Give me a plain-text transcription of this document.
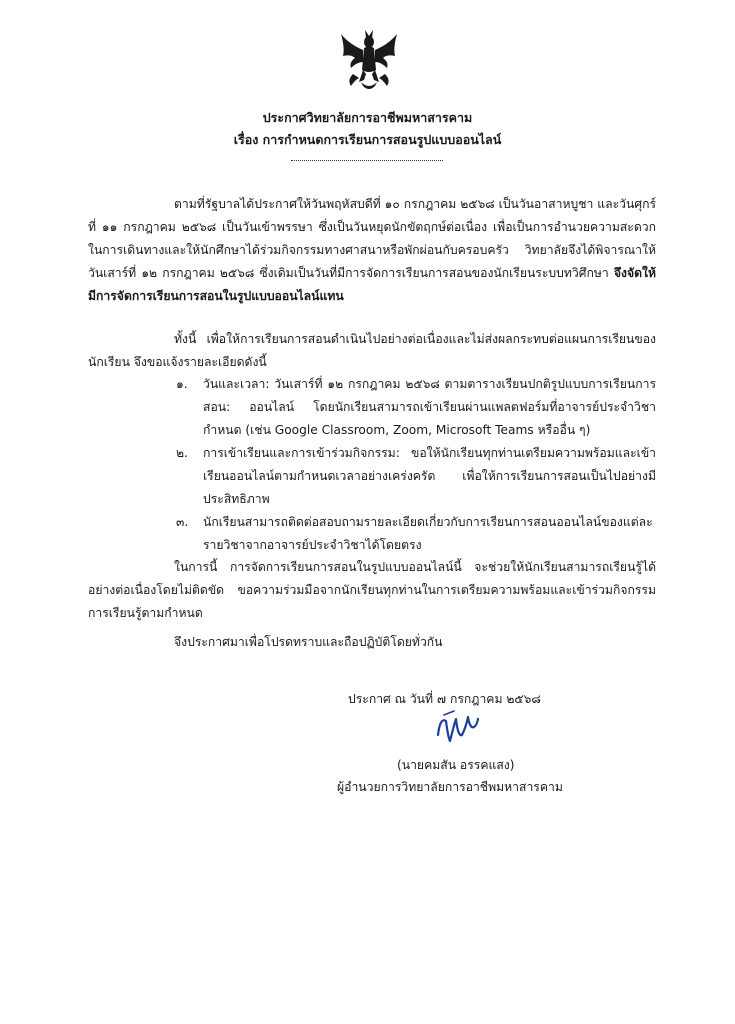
ประกาศวิทยาลัยการอาชีพมหาสารคาม
เรื่อง การกำหนดการเรียนการสอนรูปแบบออนไลน์

ตามที่รัฐบาลได้ประกาศให้วันพฤหัสบดีที่ ๑๐ กรกฎาคม ๒๕๖๘ เป็นวันอาสาหบูชา และวันศุกร์ที่ ๑๑ กรกฎาคม ๒๕๖๘ เป็นวันเข้าพรรษา ซึ่งเป็นวันหยุดนักขัตฤกษ์ต่อเนื่อง เพื่อเป็นการอำนวยความสะดวกในการเดินทางและให้นักศึกษาได้ร่วมกิจกรรมทางศาสนาหรือพักผ่อนกับครอบครัว วิทยาลัยจึงได้พิจารณาให้วันเสาร์ที่ ๑๒ กรกฎาคม ๒๕๖๘ ซึ่งเดิมเป็นวันที่มีการจัดการเรียนการสอนของนักเรียนระบบทวิศึกษา จึงจัดให้มีการจัดการเรียนการสอนในรูปแบบออนไลน์แทน

ทั้งนี้ เพื่อให้การเรียนการสอนดำเนินไปอย่างต่อเนื่องและไม่ส่งผลกระทบต่อแผนการเรียนของนักเรียน จึงขอแจ้งรายละเอียดดังนี้

๑. วันและเวลา: วันเสาร์ที่ ๑๒ กรกฎาคม ๒๕๖๘ ตามตารางเรียนปกติรูปแบบการเรียนการสอน: ออนไลน์ โดยนักเรียนสามารถเข้าเรียนผ่านแพลตฟอร์มที่อาจารย์ประจำวิชากำหนด (เช่น Google Classroom, Zoom, Microsoft Teams หรืออื่น ๆ)
๒. การเข้าเรียนและการเข้าร่วมกิจกรรม: ขอให้นักเรียนทุกท่านเตรียมความพร้อมและเข้าเรียนออนไลน์ตามกำหนดเวลาอย่างเคร่งครัด เพื่อให้การเรียนการสอนเป็นไปอย่างมีประสิทธิภาพ
๓. นักเรียนสามารถติดต่อสอบถามรายละเอียดเกี่ยวกับการเรียนการสอนออนไลน์ของแต่ละรายวิชาจากอาจารย์ประจำวิชาได้โดยตรง

ในการนี้ การจัดการเรียนการสอนในรูปแบบออนไลน์นี้ จะช่วยให้นักเรียนสามารถเรียนรู้ได้อย่างต่อเนื่องโดยไม่ติดขัด ขอความร่วมมือจากนักเรียนทุกท่านในการเตรียมความพร้อมและเข้าร่วมกิจกรรมการเรียนรู้ตามกำหนด

จึงประกาศมาเพื่อโปรดทราบและถือปฏิบัติโดยทั่วกัน

ประกาศ ณ วันที่ ๗ กรกฎาคม ๒๕๖๘
(นายคมสัน อรรคแสง)
ผู้อำนวยการวิทยาลัยการอาชีพมหาสารคาม
